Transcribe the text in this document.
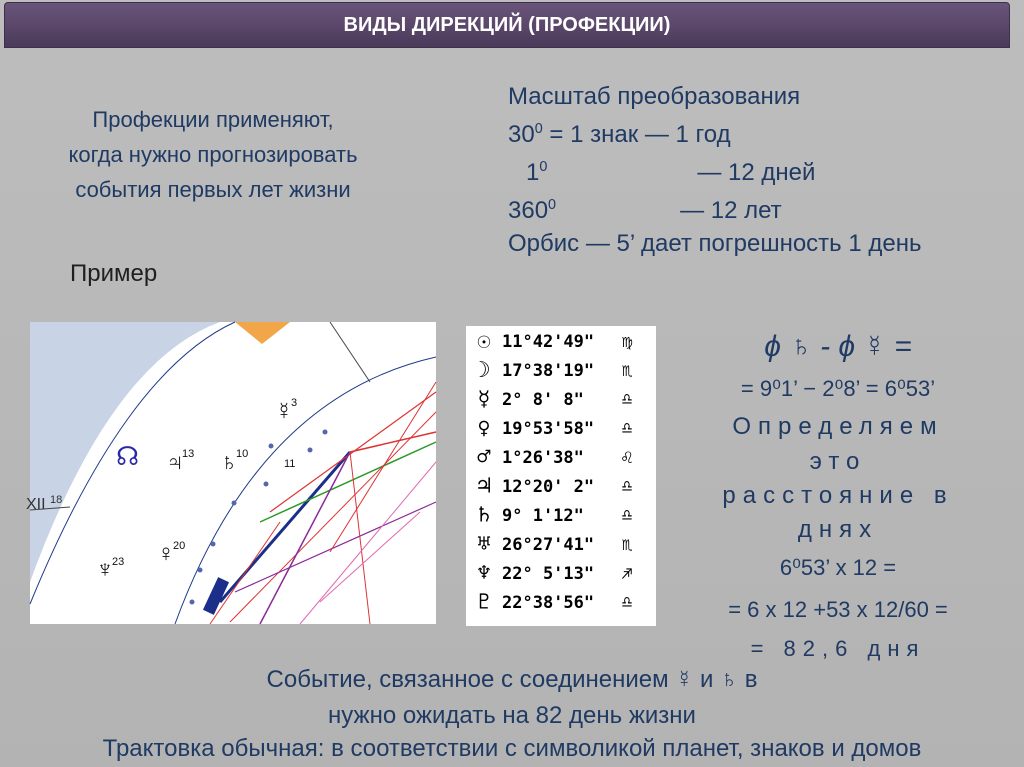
ВИДЫ ДИРЕКЦИЙ (ПРОФЕКЦИИ)
Профекции применяют,
когда нужно прогнозировать
события первых лет жизни
Пример
Масштаб преобразования
$30^0 = 1$ знак — 1 год
$1^0$	— 12 дней
$360^0$	— 12 лет
Орбис — 5’ дает погрешность 1 день
☊ ♃
13 ♄
10
☿
3
11
XII 18
♀
20
♆
23
☉ 11°42'49"	♍
☽ 17°38'19"	♏
☿ 2° 8' 8"	♎
♀ 19°53'58"	♎
♂ 1°26'38"	♌
♃ 12°20' 2"	♎
♄ 9° 1'12"	♎
♅ 26°27'41"	♏
♆ 22° 5'13"	♐
♇ 22°38'56"	♎
ϕ ♄ - ϕ ☿ =
= 9⁰1’ − 2⁰8’ = 6⁰53’
Определяем
это
расстояние в
днях
6⁰53’ х 12 =
= 6 х 12 +53 х 12/60 =
= 82,6 дня
Событие, связанное с соединением ☿ и ♄ в
нужно ожидать на 82 день жизни
Трактовка обычная: в соответствии с символикой планет, знаков и домов
